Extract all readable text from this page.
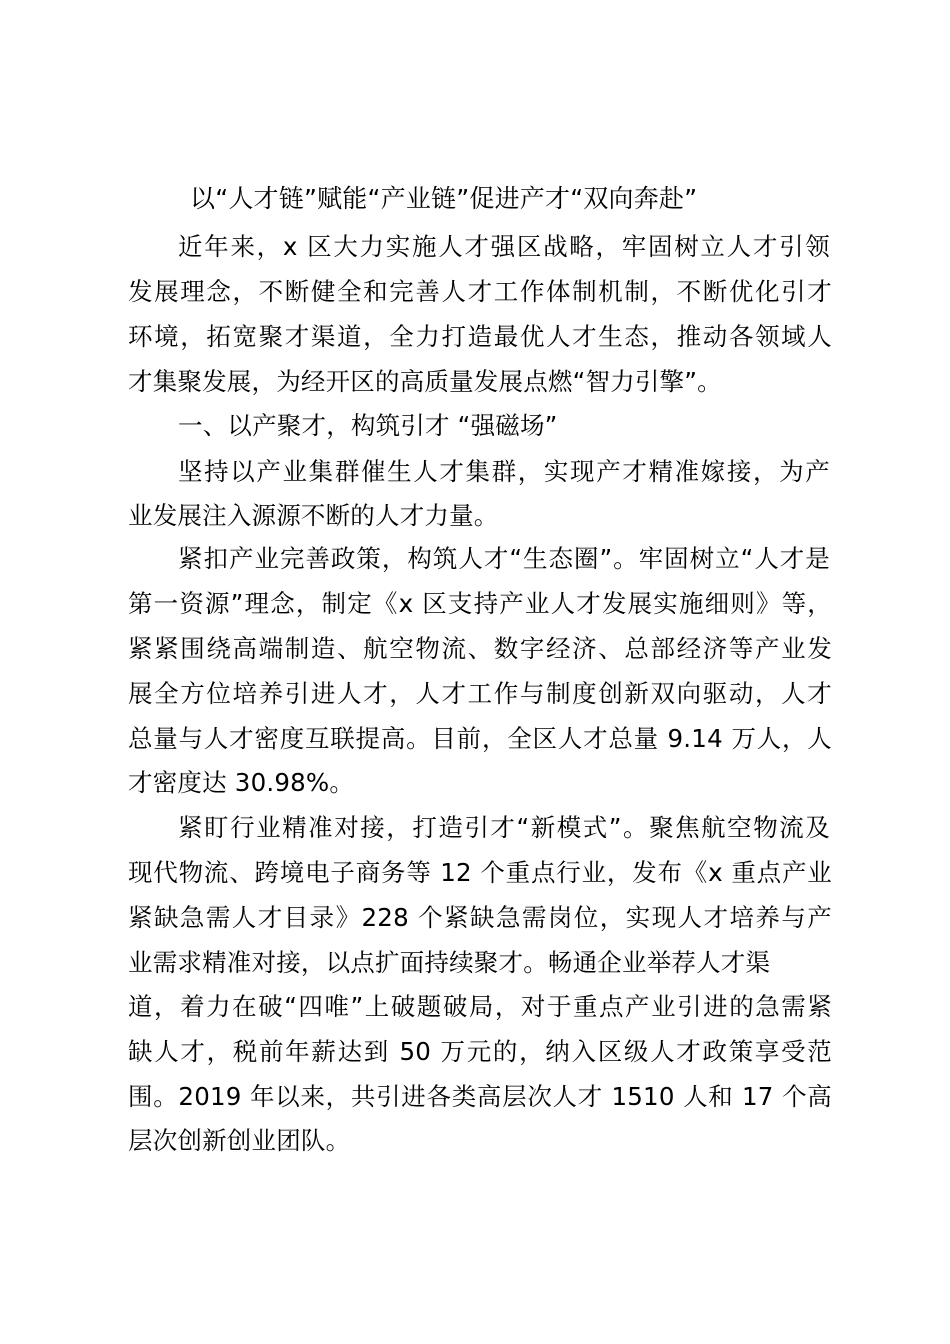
以“人才链”赋能“产业链”促进产才“双向奔赴”
近年来，x 区大力实施人才强区战略，牢固树立人才引领
发展理念，不断健全和完善人才工作体制机制，不断优化引才
环境，拓宽聚才渠道，全力打造最优人才生态，推动各领域人
才集聚发展，为经开区的高质量发展点燃“智力引擎”。
一、以产聚才，构筑引才 “强磁场”
坚持以产业集群催生人才集群，实现产才精准嫁接，为产
业发展注入源源不断的人才力量。
紧扣产业完善政策，构筑人才“生态圈”。牢固树立“人才是
第一资源”理念，制定《x 区支持产业人才发展实施细则》等，
紧紧围绕高端制造、航空物流、数字经济、总部经济等产业发
展全方位培养引进人才，人才工作与制度创新双向驱动，人才
总量与人才密度互联提高。目前，全区人才总量 9.14 万人，人
才密度达 30.98%。
紧盯行业精准对接，打造引才“新模式”。聚焦航空物流及
现代物流、跨境电子商务等 12 个重点行业，发布《x 重点产业
紧缺急需人才目录》228 个紧缺急需岗位，实现人才培养与产
业需求精准对接，以点扩面持续聚才。畅通企业举荐人才渠
道，着力在破“四唯”上破题破局，对于重点产业引进的急需紧
缺人才，税前年薪达到 50 万元的，纳入区级人才政策享受范
围。2019 年以来，共引进各类高层次人才 1510 人和 17 个高
层次创新创业团队。
